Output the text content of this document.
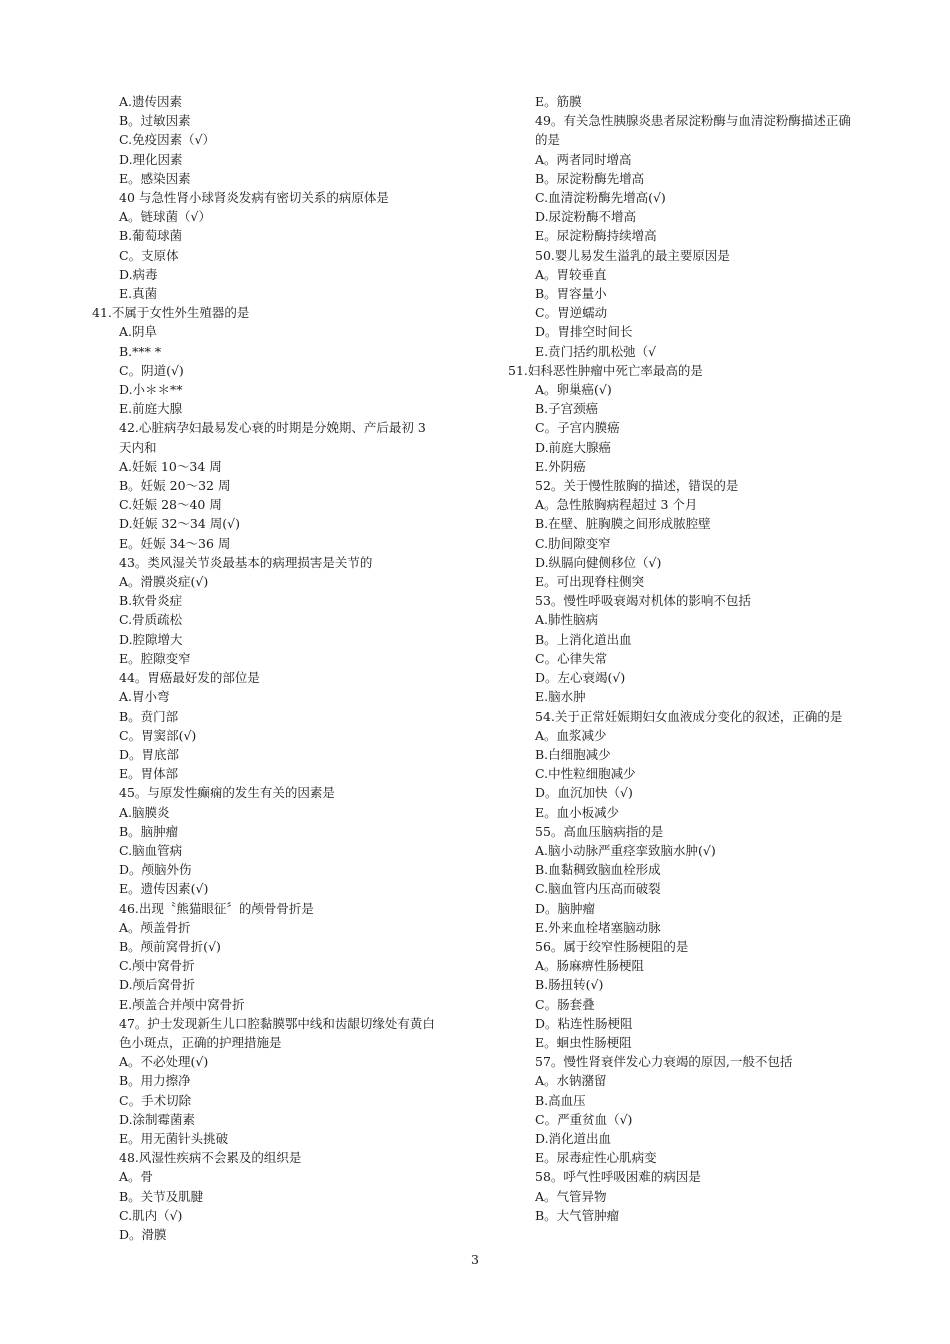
A.遗传因素
B。过敏因素
C.免疫因素（√）
D.理化因素
E。感染因素
40 与急性肾小球肾炎发病有密切关系的病原体是
A。链球菌（√）
B.葡萄球菌
C。支原体
D.病毒
E.真菌
41.不属于女性外生殖器的是
A.阴阜
B.*** *
C。阴道(√)
D.小＊＊**
E.前庭大腺
42.心脏病孕妇最易发心衰的时期是分娩期、产后最初 3 天内和
A.妊娠 10～34 周
B。妊娠 20～32 周
C.妊娠 28～40 周
D.妊娠 32～34 周(√)
E。妊娠 34～36 周
43。类风湿关节炎最基本的病理损害是关节的
A。滑膜炎症(√)
B.软骨炎症
C.骨质疏松
D.腔隙增大
E。腔隙变窄
44。胃癌最好发的部位是
A.胃小弯
B。贲门部
C。胃窦部(√)
D。胃底部
E。胃体部
45。与原发性癫痫的发生有关的因素是
A.脑膜炎
B。脑肿瘤
C.脑血管病
D。颅脑外伤
E。遗传因素(√)
46.出现〝熊猫眼征〞的颅骨骨折是
A。颅盖骨折
B。颅前窝骨折(√)
C.颅中窝骨折
D.颅后窝骨折
E.颅盖合并颅中窝骨折
47。护士发现新生儿口腔黏膜鄂中线和齿龈切缘处有黄白色小斑点，正确的护理措施是
A。不必处理(√)
B。用力擦净
C。手术切除
D.涂制霉菌素
E。用无菌针头挑破
48.风湿性疾病不会累及的组织是
A。骨
B。关节及肌腱
C.肌内（√)
D。滑膜
E。筋膜
49。有关急性胰腺炎患者尿淀粉酶与血清淀粉酶描述正确的是
A。两者同时增高
B。尿淀粉酶先增高
C.血清淀粉酶先增高(√)
D.尿淀粉酶不增高
E。尿淀粉酶持续增高
50.婴儿易发生溢乳的最主要原因是
A。胃较垂直
B。胃容量小
C。胃逆蠕动
D。胃排空时间长
E.贲门括约肌松弛（√
51.妇科恶性肿瘤中死亡率最高的是
A。卵巢癌(√)
B.子宫颈癌
C。子宫内膜癌
D.前庭大腺癌
E.外阴癌
52。关于慢性脓胸的描述，错误的是
A。急性脓胸病程超过 3 个月
B.在壁、脏胸膜之间形成脓腔壁
C.肋间隙变窄
D.纵膈向健侧移位（√)
E。可出现脊柱侧突
53。慢性呼吸衰竭对机体的影响不包括
A.肺性脑病
B。上消化道出血
C。心律失常
D。左心衰竭(√)
E.脑水肿
54.关于正常妊娠期妇女血液成分变化的叙述，正确的是
A。血浆减少
B.白细胞减少
C.中性粒细胞减少
D。血沉加快（√)
E。血小板减少
55。高血压脑病指的是
A.脑小动脉严重痉挛致脑水肿(√)
B.血黏稠致脑血栓形成
C.脑血管内压高而破裂
D。脑肿瘤
E.外来血栓堵塞脑动脉
56。属于绞窄性肠梗阻的是
A。肠麻痹性肠梗阻
B.肠扭转(√)
C。肠套叠
D。粘连性肠梗阻
E。蛔虫性肠梗阻
57。慢性肾衰伴发心力衰竭的原因,一般不包括
A。水钠潴留
B.高血压
C。严重贫血（√)
D.消化道出血
E。尿毒症性心肌病变
58。呼气性呼吸困难的病因是
A。气管异物
B。大气管肿瘤
3
